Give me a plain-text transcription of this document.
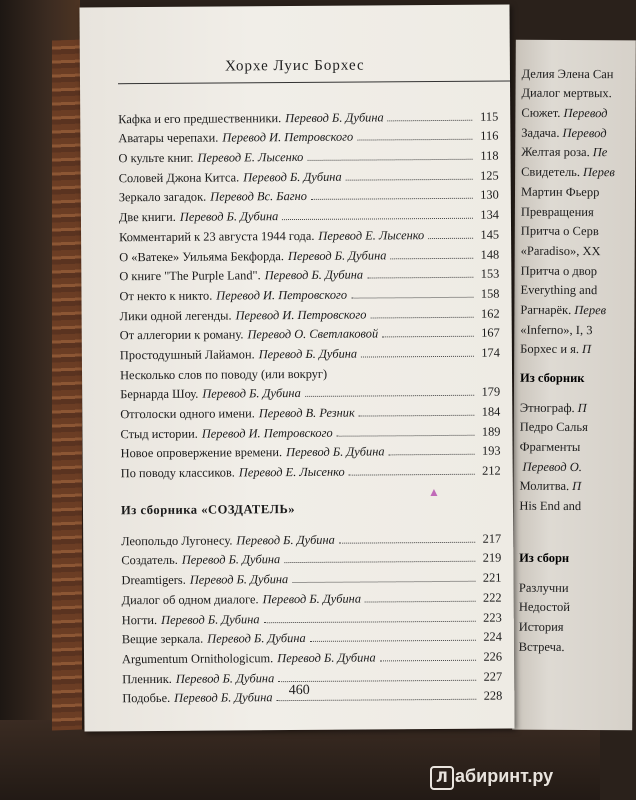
Делия Элена Сан
Диалог мертвых.
Сюжет. Перевод
Задача. Перевод
Желтая роза. Пе
Свидетель. Перев
Мартин Фьерр
Превращения
Притча о Серв
«Paradiso», XX
Притча о двор
Everything and
Рагнарёк. Перев
«Inferno», I, 3
Борхес и я. П
Из сборник
Этнограф. П
Педро Салья
Фрагменты
Перевод О.
Молитва. П
His End and
Из сборн
Разлучни
Недостой
История
Встреча.
Хорхе Луис Борхес
Кафка и его предшественники. Перевод Б. Дубина	115
Аватары черепахи. Перевод И. Петровского	116
О культе книг. Перевод Е. Лысенко	118
Соловей Джона Китса. Перевод Б. Дубина	125
Зеркало загадок. Перевод Вс. Багно	130
Две книги. Перевод Б. Дубина	134
Комментарий к 23 августа 1944 года. Перевод Е. Лысенко	145
О «Ватеке» Уильяма Бекфорда. Перевод Б. Дубина	148
О книге "The Purple Land". Перевод Б. Дубина	153
От некто к никто. Перевод И. Петровского	158
Лики одной легенды. Перевод И. Петровского	162
От аллегории к роману. Перевод О. Светлаковой	167
Простодушный Лайамон. Перевод Б. Дубина	174
Несколько слов по поводу (или вокруг)
Бернарда Шоу. Перевод Б. Дубина	179
Отголоски одного имени. Перевод В. Резник	184
Стыд истории. Перевод И. Петровского	189
Новое опровержение времени. Перевод Б. Дубина	193
По поводу классиков. Перевод Е. Лысенко	212
Из сборника «СОЗДАТЕЛЬ»
Леопольдо Лугонесу. Перевод Б. Дубина	217
Создатель. Перевод Б. Дубина	219
Dreamtigers. Перевод Б. Дубина	221
Диалог об одном диалоге. Перевод Б. Дубина	222
Ногти. Перевод Б. Дубина	223
Вещие зеркала. Перевод Б. Дубина	224
Argumentum Ornithologicum. Перевод Б. Дубина	226
Пленник. Перевод Б. Дубина	227
Подобье. Перевод Б. Дубина	228
460
▲
Л абиринт.ру
